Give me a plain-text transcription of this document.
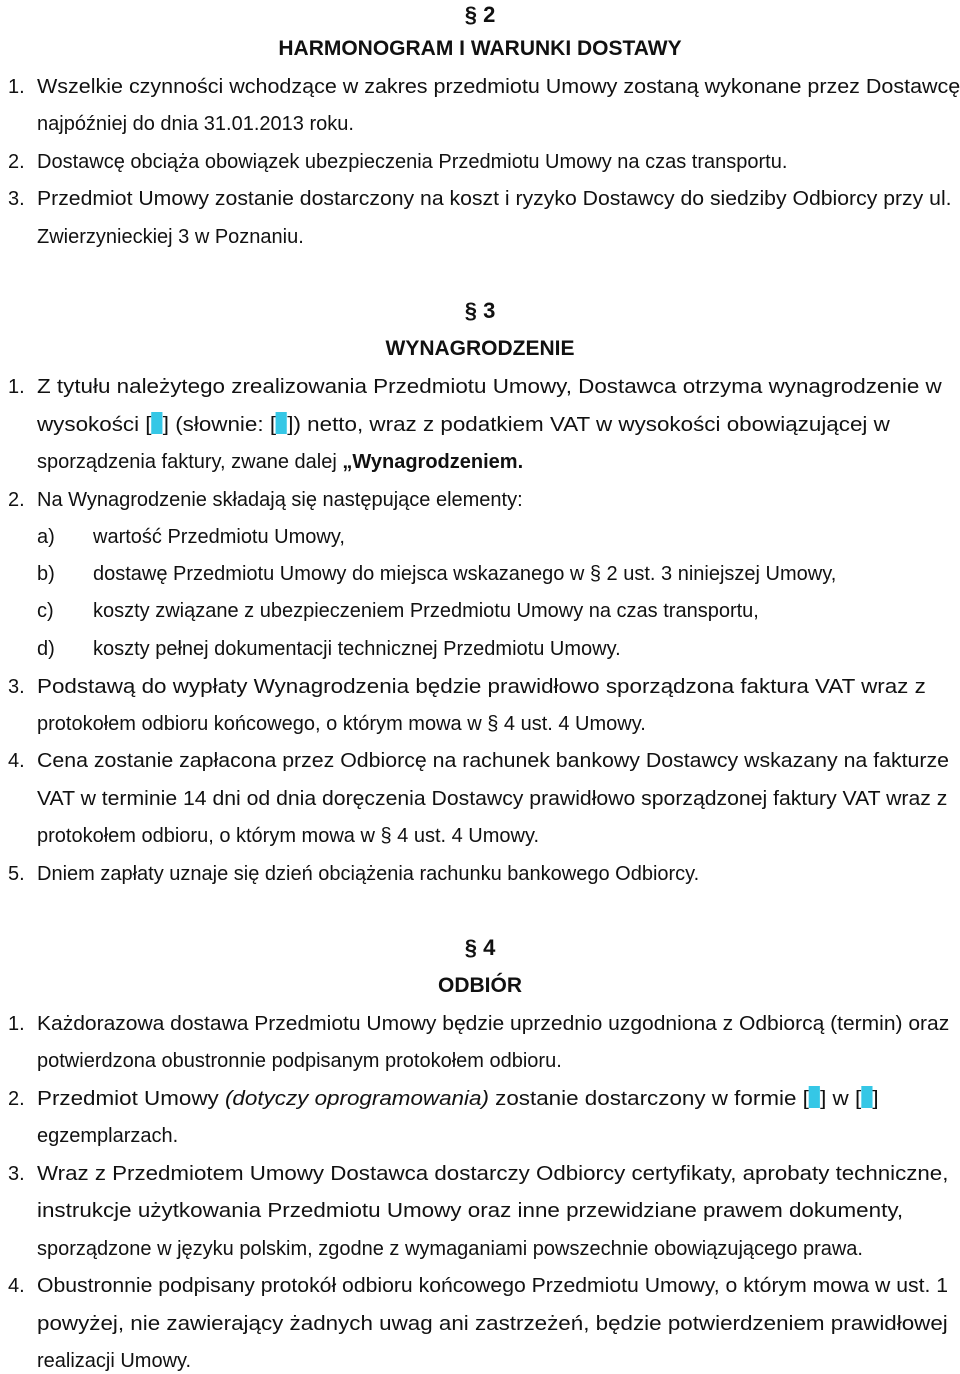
§ 2
HARMONOGRAM I WARUNKI DOSTAWY
1. Wszelkie czynności wchodzące w zakres przedmiotu Umowy zostaną wykonane przez Dostawcę
najpóźniej do dnia 31.01.2013 roku.
2. Dostawcę obciąża obowiązek ubezpieczenia Przedmiotu Umowy na czas transportu.
3. Przedmiot Umowy zostanie dostarczony na koszt i ryzyko Dostawcy do siedziby Odbiorcy przy ul.
Zwierzynieckiej 3 w Poznaniu.
§ 3
WYNAGRODZENIE
1. Z tytułu należytego zrealizowania Przedmiotu Umowy, Dostawca otrzyma wynagrodzenie w
wysokości [ ] (słownie: [ ]) netto, wraz z podatkiem VAT w wysokości obowiązującej w
sporządzenia faktury, zwane dalej „Wynagrodzeniem.
2. Na Wynagrodzenie składają się następujące elementy:
a) wartość Przedmiotu Umowy,
b) dostawę Przedmiotu Umowy do miejsca wskazanego w § 2 ust. 3 niniejszej Umowy,
c) koszty związane z ubezpieczeniem Przedmiotu Umowy na czas transportu,
d) koszty pełnej dokumentacji technicznej Przedmiotu Umowy.
3. Podstawą do wypłaty Wynagrodzenia będzie prawidłowo sporządzona faktura VAT wraz z
protokołem odbioru końcowego, o którym mowa w § 4 ust. 4 Umowy.
4. Cena zostanie zapłacona przez Odbiorcę na rachunek bankowy Dostawcy wskazany na fakturze
VAT w terminie 14 dni od dnia doręczenia Dostawcy prawidłowo sporządzonej faktury VAT wraz z
protokołem odbioru, o którym mowa w § 4 ust. 4 Umowy.
5. Dniem zapłaty uznaje się dzień obciążenia rachunku bankowego Odbiorcy.
§ 4
ODBIÓR
1. Każdorazowa dostawa Przedmiotu Umowy będzie uprzednio uzgodniona z Odbiorcą (termin) oraz
potwierdzona obustronnie podpisanym protokołem odbioru.
2. Przedmiot Umowy (dotyczy oprogramowania) zostanie dostarczony w formie [ ] w [ ]
egzemplarzach.
3. Wraz z Przedmiotem Umowy Dostawca dostarczy Odbiorcy certyfikaty, aprobaty techniczne,
instrukcje użytkowania Przedmiotu Umowy oraz inne przewidziane prawem dokumenty,
sporządzone w języku polskim, zgodne z wymaganiami powszechnie obowiązującego prawa.
4. Obustronnie podpisany protokół odbioru końcowego Przedmiotu Umowy, o którym mowa w ust. 1
powyżej, nie zawierający żadnych uwag ani zastrzeżeń, będzie potwierdzeniem prawidłowej
realizacji Umowy.
